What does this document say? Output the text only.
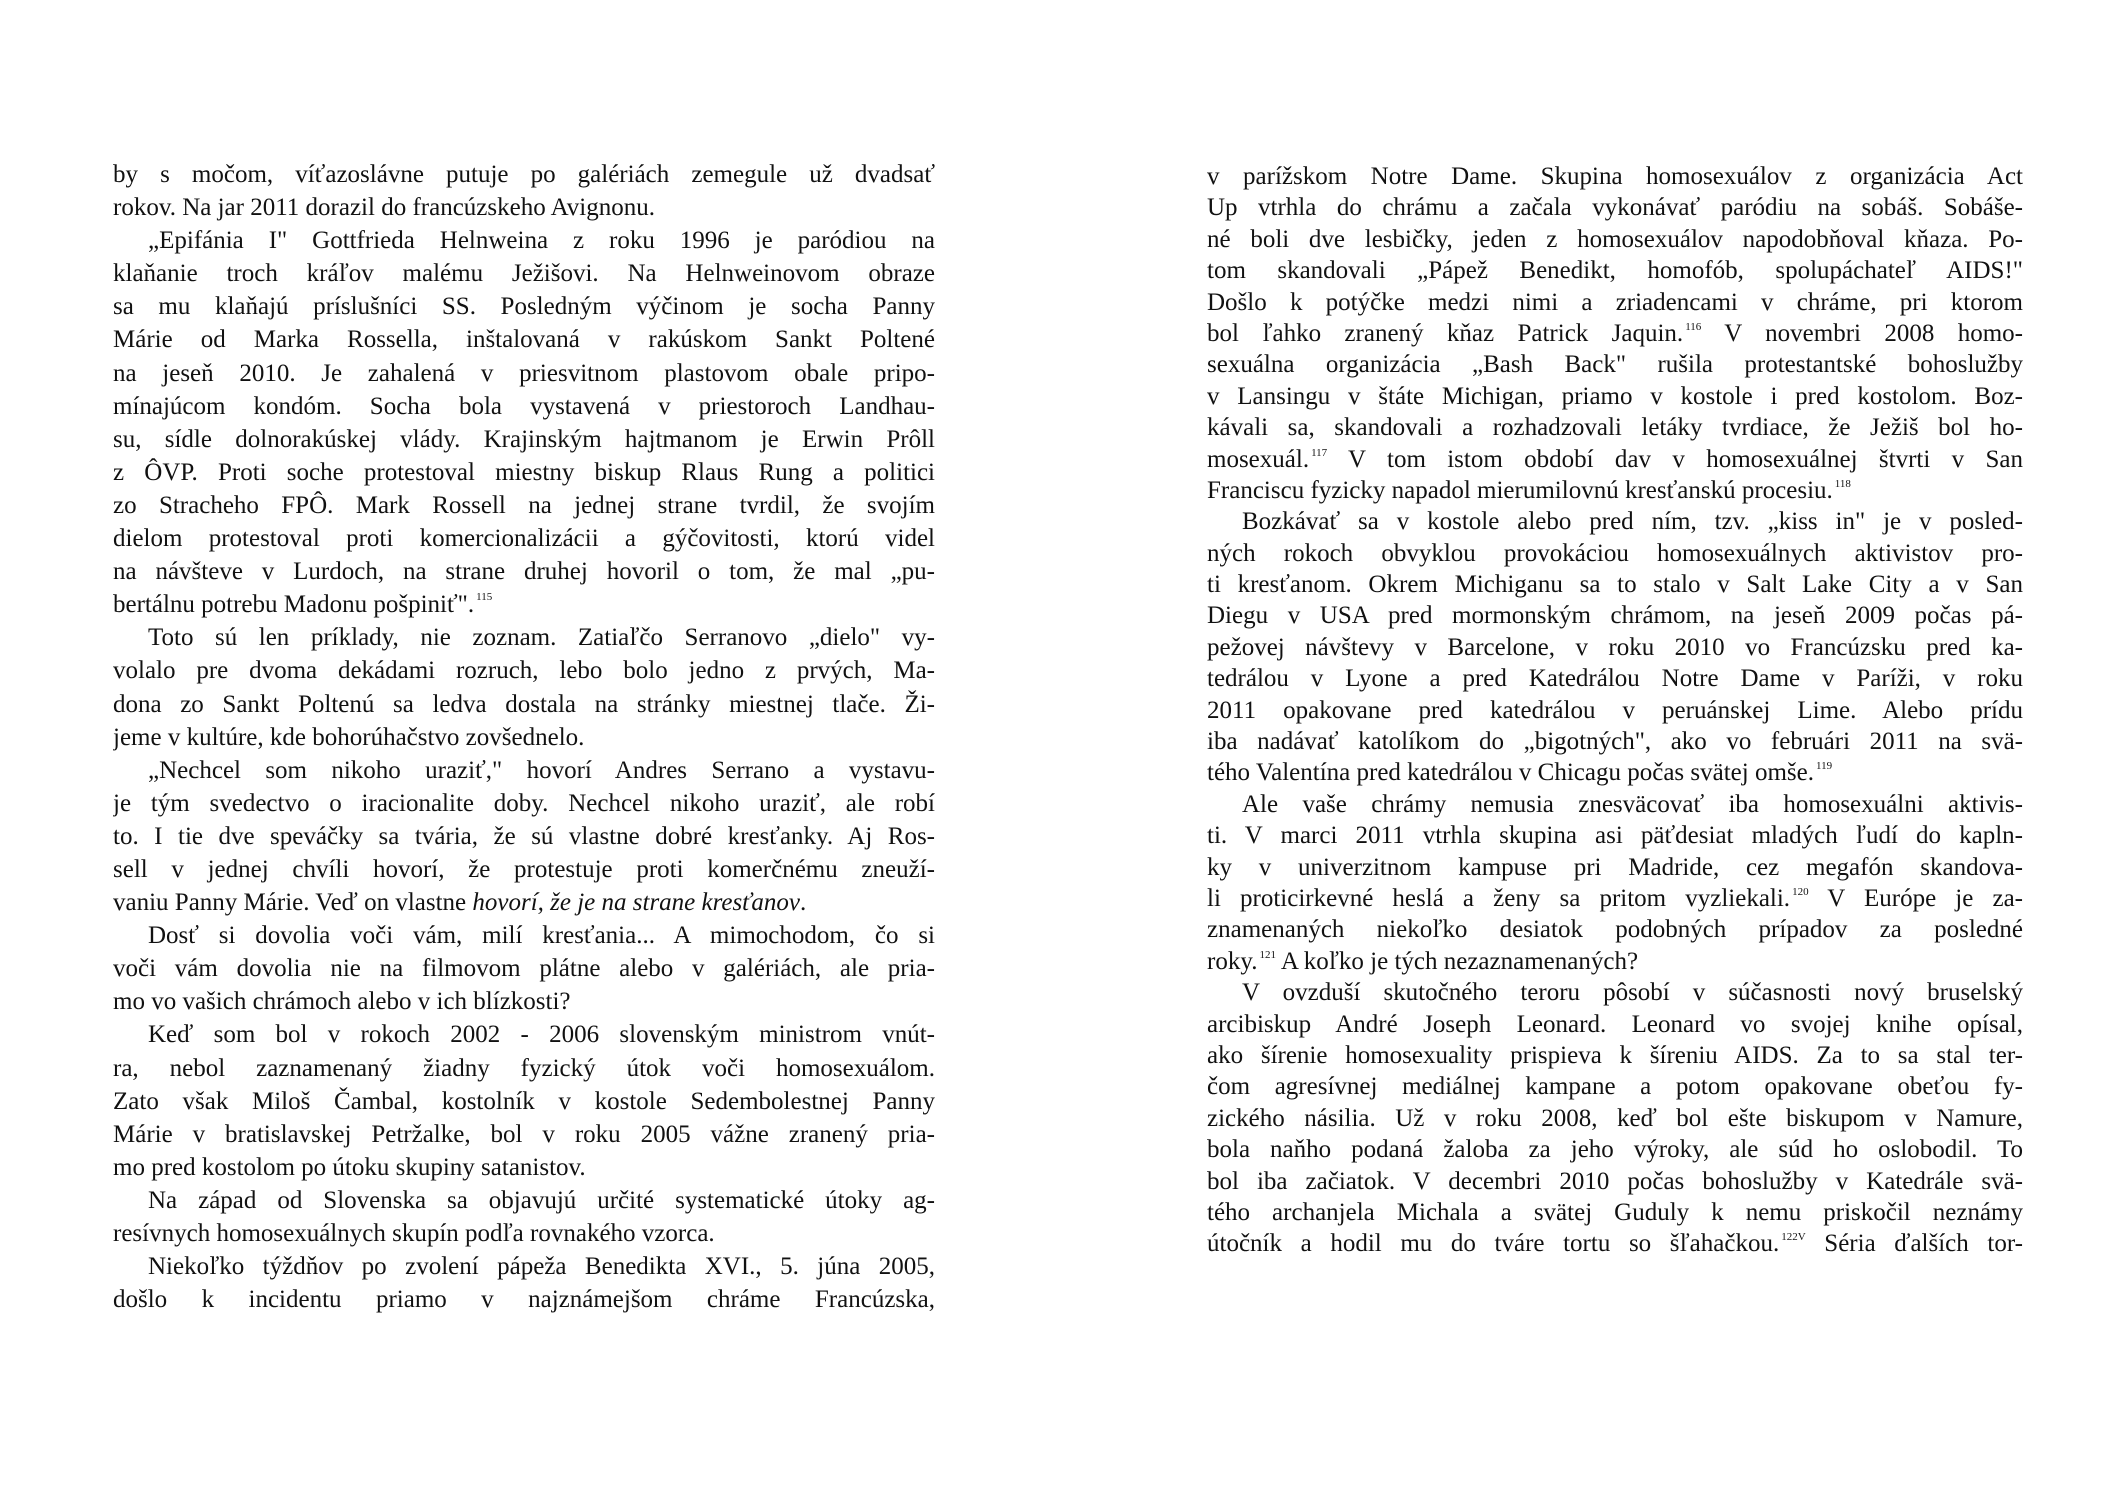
by s močom, víťazoslávne putuje po galériách zemegule už dvadsať
rokov. Na jar 2011 dorazil do francúzskeho Avignonu.
„Epifánia I" Gottfrieda Helnweina z roku 1996 je paródiou na
klaňanie troch kráľov malému Ježišovi. Na Helnweinovom obraze
sa mu klaňajú príslušníci SS. Posledným výčinom je socha Panny
Márie od Marka Rossella, inštalovaná v rakúskom Sankt Poltené
na jeseň 2010. Je zahalená v priesvitnom plastovom obale pripo-
mínajúcom kondóm. Socha bola vystavená v priestoroch Landhau-
su, sídle dolnorakúskej vlády. Krajinským hajtmanom je Erwin Prôll
z ÔVP. Proti soche protestoval miestny biskup Rlaus Rung a politici
zo Stracheho FPÔ. Mark Rossell na jednej strane tvrdil, že svojím
dielom protestoval proti komercionalizácii a gýčovitosti, ktorú videl
na návšteve v Lurdoch, na strane druhej hovoril o tom, že mal „pu-
bertálnu potrebu Madonu pošpiniť". $^{115}$
Toto sú len príklady, nie zoznam. Zatiaľčo Serranovo „dielo" vy-
volalo pre dvoma dekádami rozruch, lebo bolo jedno z prvých, Ma-
dona zo Sankt Poltenú sa ledva dostala na stránky miestnej tlače. Ži-
jeme v kultúre, kde bohorúhačstvo zovšednelo.
„Nechcel som nikoho uraziť," hovorí Andres Serrano a vystavu-
je tým svedectvo o iracionalite doby. Nechcel nikoho uraziť, ale robí
to. I tie dve speváčky sa tvária, že sú vlastne dobré kresťanky. Aj Ros-
sell v jednej chvíli hovorí, že protestuje proti komerčnému zneuží-
vaniu Panny Márie. Veď on vlastne hovorí, že je na strane kresťanov.
Dosť si dovolia voči vám, milí kresťania... A mimochodom, čo si
voči vám dovolia nie na filmovom plátne alebo v galériách, ale pria-
mo vo vašich chrámoch alebo v ich blízkosti?
Keď som bol v rokoch 2002 - 2006 slovenským ministrom vnút-
ra, nebol zaznamenaný žiadny fyzický útok voči homosexuálom.
Zato však Miloš Čambal, kostolník v kostole Sedembolestnej Panny
Márie v bratislavskej Petržalke, bol v roku 2005 vážne zranený pria-
mo pred kostolom po útoku skupiny satanistov.
Na západ od Slovenska sa objavujú určité systematické útoky ag-
resívnych homosexuálnych skupín podľa rovnakého vzorca.
Niekoľko týždňov po zvolení pápeža Benedikta XVI., 5. júna 2005,
došlo k incidentu priamo v najznámejšom chráme Francúzska,
v parížskom Notre Dame. Skupina homosexuálov z organizácia Act
Up vtrhla do chrámu a začala vykonávať paródiu na sobáš. Sobáše-
né boli dve lesbičky, jeden z homosexuálov napodobňoval kňaza. Po-
tom skandovali „Pápež Benedikt, homofób, spolupáchateľ AIDS!"
Došlo k potýčke medzi nimi a zriadencami v chráme, pri ktorom
bol ľahko zranený kňaz Patrick Jaquin. $^{116}$ V novembri 2008 homo-
sexuálna organizácia „Bash Back" rušila protestantské bohoslužby
v Lansingu v štáte Michigan, priamo v kostole i pred kostolom. Boz-
kávali sa, skandovali a rozhadzovali letáky tvrdiace, že Ježiš bol ho-
mosexuál. $^{117}$ V tom istom období dav v homosexuálnej štvrti v San
Franciscu fyzicky napadol mierumilovnú kresťanskú procesiu. $^{118}$
Bozkávať sa v kostole alebo pred ním, tzv. „kiss in" je v posled-
ných rokoch obvyklou provokáciou homosexuálnych aktivistov pro-
ti kresťanom. Okrem Michiganu sa to stalo v Salt Lake City a v San
Diegu v USA pred mormonským chrámom, na jeseň 2009 počas pá-
pežovej návštevy v Barcelone, v roku 2010 vo Francúzsku pred ka-
tedrálou v Lyone a pred Katedrálou Notre Dame v Paríži, v roku
2011 opakovane pred katedrálou v peruánskej Lime. Alebo prídu
iba nadávať katolíkom do „bigotných", ako vo februári 2011 na svä-
tého Valentína pred katedrálou v Chicagu počas svätej omše. $^{119}$
Ale vaše chrámy nemusia znesväcovať iba homosexuálni aktivis-
ti. V marci 2011 vtrhla skupina asi päťdesiat mladých ľudí do kapln-
ky v univerzitnom kampuse pri Madride, cez megafón skandova-
li proticirkevné heslá a ženy sa pritom vyzliekali. $^{120}$ V Európe je za-
znamenaných niekoľko desiatok podobných prípadov za posledné
roky. $^{121}$ A koľko je tých nezaznamenaných?
V ovzduší skutočného teroru pôsobí v súčasnosti nový bruselský
arcibiskup André Joseph Leonard. Leonard vo svojej knihe opísal,
ako šírenie homosexuality prispieva k šíreniu AIDS. Za to sa stal ter-
čom agresívnej mediálnej kampane a potom opakovane obeťou fy-
zického násilia. Už v roku 2008, keď bol ešte biskupom v Namure,
bola naňho podaná žaloba za jeho výroky, ale súd ho oslobodil. To
bol iba začiatok. V decembri 2010 počas bohoslužby v Katedrále svä-
tého archanjela Michala a svätej Guduly k nemu priskočil neznámy
útočník a hodil mu do tváre tortu so šľahačkou. $^{122V}$ Séria ďalších tor-
